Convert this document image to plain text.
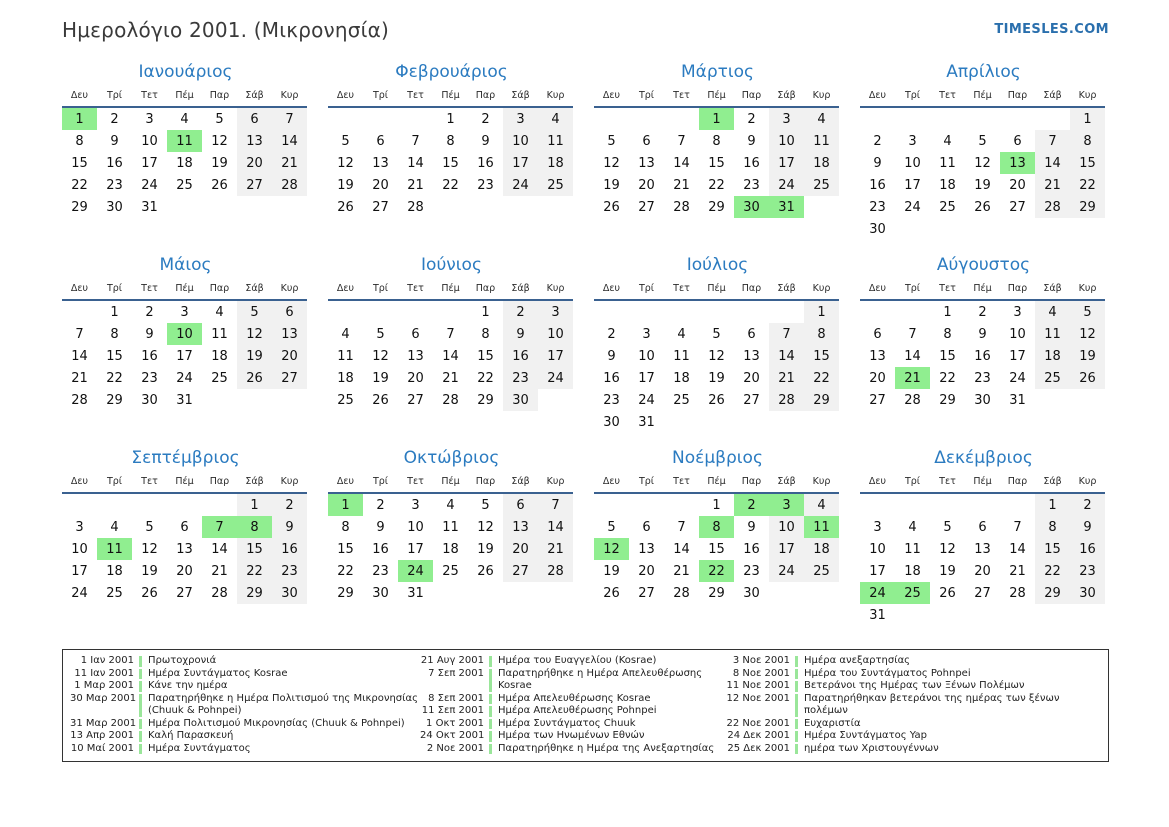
Ημερολόγιο 2001. (Μικρονησία)	TIMESLES.COM
Ιανουάριος
Δευ	Τρί	Τετ	Πέμ	Παρ	Σάβ	Κυρ
1	2	3	4	5	6	7
8	9	10	11	12	13	14
15	16	17	18	19	20	21
22	23	24	25	26	27	28
29	30	31				
Φεβρουάριος
Δευ	Τρί	Τετ	Πέμ	Παρ	Σάβ	Κυρ
			1	2	3	4
5	6	7	8	9	10	11
12	13	14	15	16	17	18
19	20	21	22	23	24	25
26	27	28				
Μάρτιος
Δευ	Τρί	Τετ	Πέμ	Παρ	Σάβ	Κυρ
			1	2	3	4
5	6	7	8	9	10	11
12	13	14	15	16	17	18
19	20	21	22	23	24	25
26	27	28	29	30	31	
Απρίλιος
Δευ	Τρί	Τετ	Πέμ	Παρ	Σάβ	Κυρ
						1
2	3	4	5	6	7	8
9	10	11	12	13	14	15
16	17	18	19	20	21	22
23	24	25	26	27	28	29
30						
Μάιος
Δευ	Τρί	Τετ	Πέμ	Παρ	Σάβ	Κυρ
	1	2	3	4	5	6
7	8	9	10	11	12	13
14	15	16	17	18	19	20
21	22	23	24	25	26	27
28	29	30	31			
Ιούνιος
Δευ	Τρί	Τετ	Πέμ	Παρ	Σάβ	Κυρ
				1	2	3
4	5	6	7	8	9	10
11	12	13	14	15	16	17
18	19	20	21	22	23	24
25	26	27	28	29	30	
Ιούλιος
Δευ	Τρί	Τετ	Πέμ	Παρ	Σάβ	Κυρ
						1
2	3	4	5	6	7	8
9	10	11	12	13	14	15
16	17	18	19	20	21	22
23	24	25	26	27	28	29
30	31					
Αύγουστος
Δευ	Τρί	Τετ	Πέμ	Παρ	Σάβ	Κυρ
		1	2	3	4	5
6	7	8	9	10	11	12
13	14	15	16	17	18	19
20	21	22	23	24	25	26
27	28	29	30	31		
Σεπτέμβριος
Δευ	Τρί	Τετ	Πέμ	Παρ	Σάβ	Κυρ
					1	2
3	4	5	6	7	8	9
10	11	12	13	14	15	16
17	18	19	20	21	22	23
24	25	26	27	28	29	30
Οκτώβριος
Δευ	Τρί	Τετ	Πέμ	Παρ	Σάβ	Κυρ
1	2	3	4	5	6	7
8	9	10	11	12	13	14
15	16	17	18	19	20	21
22	23	24	25	26	27	28
29	30	31				
Νοέμβριος
Δευ	Τρί	Τετ	Πέμ	Παρ	Σάβ	Κυρ
			1	2	3	4
5	6	7	8	9	10	11
12	13	14	15	16	17	18
19	20	21	22	23	24	25
26	27	28	29	30		
Δεκέμβριος
Δευ	Τρί	Τετ	Πέμ	Παρ	Σάβ	Κυρ
					1	2
3	4	5	6	7	8	9
10	11	12	13	14	15	16
17	18	19	20	21	22	23
24	25	26	27	28	29	30
31						
1 Ιαν 2001 Πρωτοχρονιά
11 Ιαν 2001 Ημέρα Συντάγματος Kosrae
1 Μαρ 2001 Κάνε την ημέρα
30 Μαρ 2001 Παρατηρήθηκε η Ημέρα Πολιτισμού της Μικρονησίας (Chuuk & Pohnpei)
31 Μαρ 2001 Ημέρα Πολιτισμού Μικρονησίας (Chuuk & Pohnpei)
13 Απρ 2001 Καλή Παρασκευή
10 Μαί 2001 Ημέρα Συντάγματος
21 Αυγ 2001 Ημέρα του Ευαγγελίου (Kosrae)
7 Σεπ 2001 Παρατηρήθηκε η Ημέρα Απελευθέρωσης Kosrae
8 Σεπ 2001 Ημέρα Απελευθέρωσης Kosrae
11 Σεπ 2001 Ημέρα Απελευθέρωσης Pohnpei
1 Οκτ 2001 Ημέρα Συντάγματος Chuuk
24 Οκτ 2001 Ημέρα των Ηνωμένων Εθνών
2 Νοε 2001 Παρατηρήθηκε η Ημέρα της Ανεξαρτησίας
3 Νοε 2001 Ημέρα ανεξαρτησίας
8 Νοε 2001 Ημέρα του Συντάγματος Pohnpei
11 Νοε 2001 Βετεράνοι της Ημέρας των Ξένων Πολέμων
12 Νοε 2001 Παρατηρήθηκαν βετεράνοι της ημέρας των ξένων πολέμων
22 Νοε 2001 Ευχαριστία
24 Δεκ 2001 Ημέρα Συντάγματος Yap
25 Δεκ 2001 ημέρα των Χριστουγέννων
